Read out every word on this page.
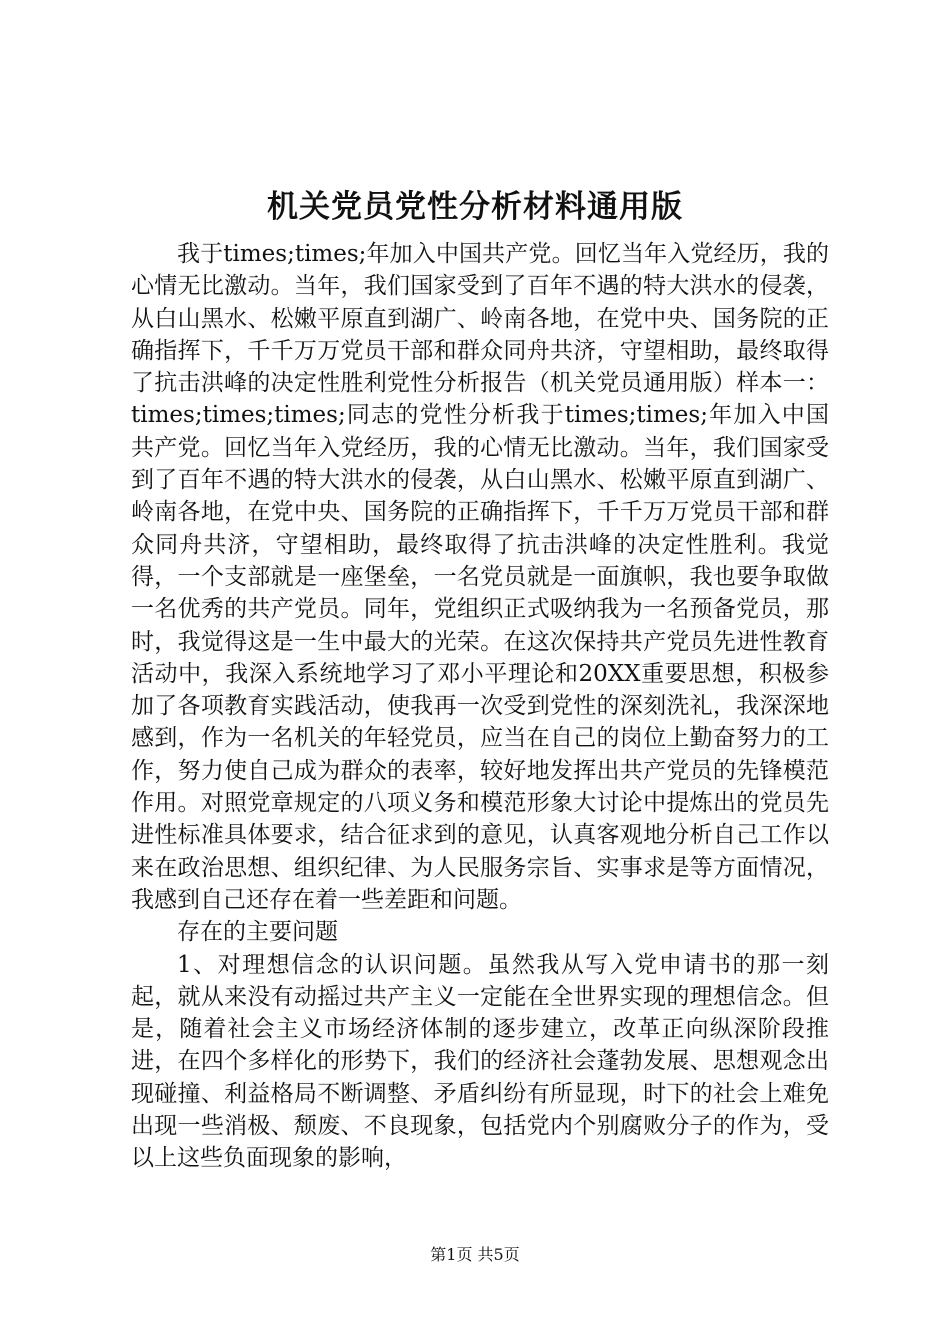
机关党员党性分析材料通用版

我于times;times;年加入中国共产党。回忆当年入党经历，我的心情无比激动。当年，我们国家受到了百年不遇的特大洪水的侵袭，从白山黑水、松嫩平原直到湖广、岭南各地，在党中央、国务院的正确指挥下，千千万万党员干部和群众同舟共济，守望相助，最终取得了抗击洪峰的决定性胜利党性分析报告（机关党员通用版）样本一：times;times;times;同志的党性分析我于times;times;年加入中国共产党。回忆当年入党经历，我的心情无比激动。当年，我们国家受到了百年不遇的特大洪水的侵袭，从白山黑水、松嫩平原直到湖广、岭南各地，在党中央、国务院的正确指挥下，千千万万党员干部和群众同舟共济，守望相助，最终取得了抗击洪峰的决定性胜利。我觉得，一个支部就是一座堡垒，一名党员就是一面旗帜，我也要争取做一名优秀的共产党员。同年，党组织正式吸纳我为一名预备党员，那时，我觉得这是一生中最大的光荣。在这次保持共产党员先进性教育活动中，我深入系统地学习了邓小平理论和20XX重要思想，积极参加了各项教育实践活动，使我再一次受到党性的深刻洗礼，我深深地感到，作为一名机关的年轻党员，应当在自己的岗位上勤奋努力的工作，努力使自己成为群众的表率，较好地发挥出共产党员的先锋模范作用。对照党章规定的八项义务和模范形象大讨论中提炼出的党员先进性标准具体要求，结合征求到的意见，认真客观地分析自己工作以来在政治思想、组织纪律、为人民服务宗旨、实事求是等方面情况，我感到自己还存在着一些差距和问题。

存在的主要问题

1、对理想信念的认识问题。虽然我从写入党申请书的那一刻起，就从来没有动摇过共产主义一定能在全世界实现的理想信念。但是，随着社会主义市场经济体制的逐步建立，改革正向纵深阶段推进，在四个多样化的形势下，我们的经济社会蓬勃发展、思想观念出现碰撞、利益格局不断调整、矛盾纠纷有所显现，时下的社会上难免出现一些消极、颓废、不良现象，包括党内个别腐败分子的作为，受以上这些负面现象的影响，

第1页 共5页
